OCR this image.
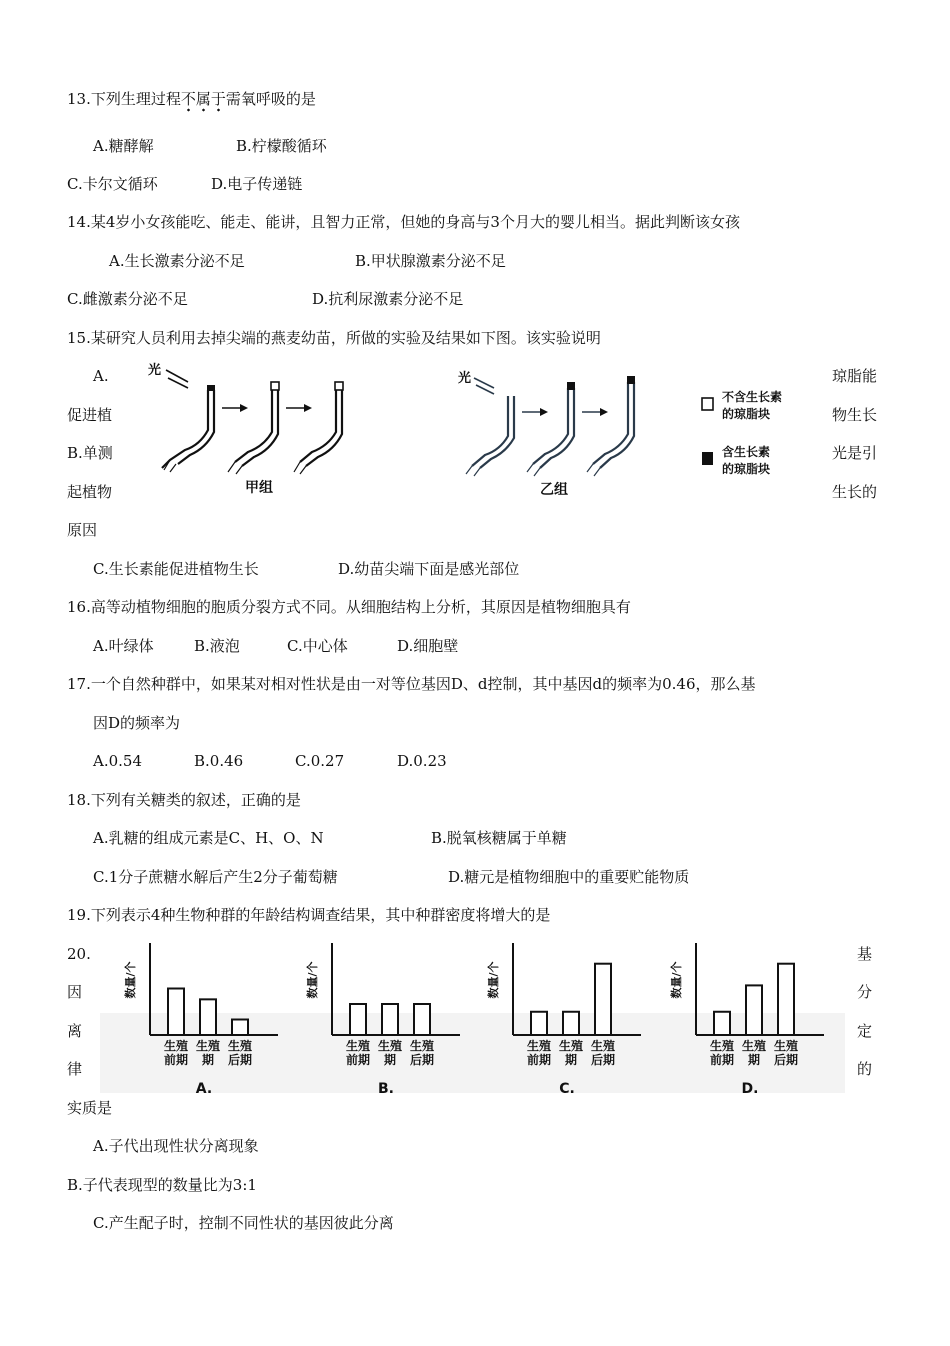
13.下列生理过程不属于需氧呼吸的是
A.糖酵解	B.柠檬酸循环
C.卡尔文循环	D.电子传递链
14.某4岁小女孩能吃、能走、能讲，且智力正常，但她的身高与3个月大的婴儿相当。据此判断该女孩
A.生长激素分泌不足	B.甲状腺激素分泌不足
C.雌激素分泌不足	D.抗利尿激素分泌不足
15.某研究人员利用去掉尖端的燕麦幼苗，所做的实验及结果如下图。该实验说明
A.	琼脂能
促进植	物生长
B.单测	光是引
起植物	生长的
原因
C.生长素能促进植物生长	D.幼苗尖端下面是感光部位
光
甲组
光
乙组
不含生长素
的琼脂块
含生长素
的琼脂块
16.高等动植物细胞的胞质分裂方式不同。从细胞结构上分析，其原因是植物细胞具有
A.叶绿体	B.液泡	C.中心体	D.细胞壁
17.一个自然种群中，如果某对相对性状是由一对等位基因D、d控制，其中基因d的频率为0.46，那么基
因D的频率为
A.0.54	B.0.46	C.0.27	D.0.23
18.下列有关糖类的叙述，正确的是
A.乳糖的组成元素是C、H、O、N	B.脱氧核糖属于单糖
C.1分子蔗糖水解后产生2分子葡萄糖	D.糖元是植物细胞中的重要贮能物质
19.下列表示4种生物种群的年龄结构调查结果，其中种群密度将增大的是
数量/个
生殖
前期
生殖
期
生殖
后期
A.
数量/个
生殖
前期
生殖
期
生殖
后期
B.
数量/个
生殖
前期
生殖
期
生殖
后期
C.
数量/个
生殖
前期
生殖
期
生殖
后期
D.
20.	基
因	分
离	定
律	的
实质是
A.子代出现性状分离现象
B.子代表现型的数量比为3:1
C.产生配子时，控制不同性状的基因彼此分离
